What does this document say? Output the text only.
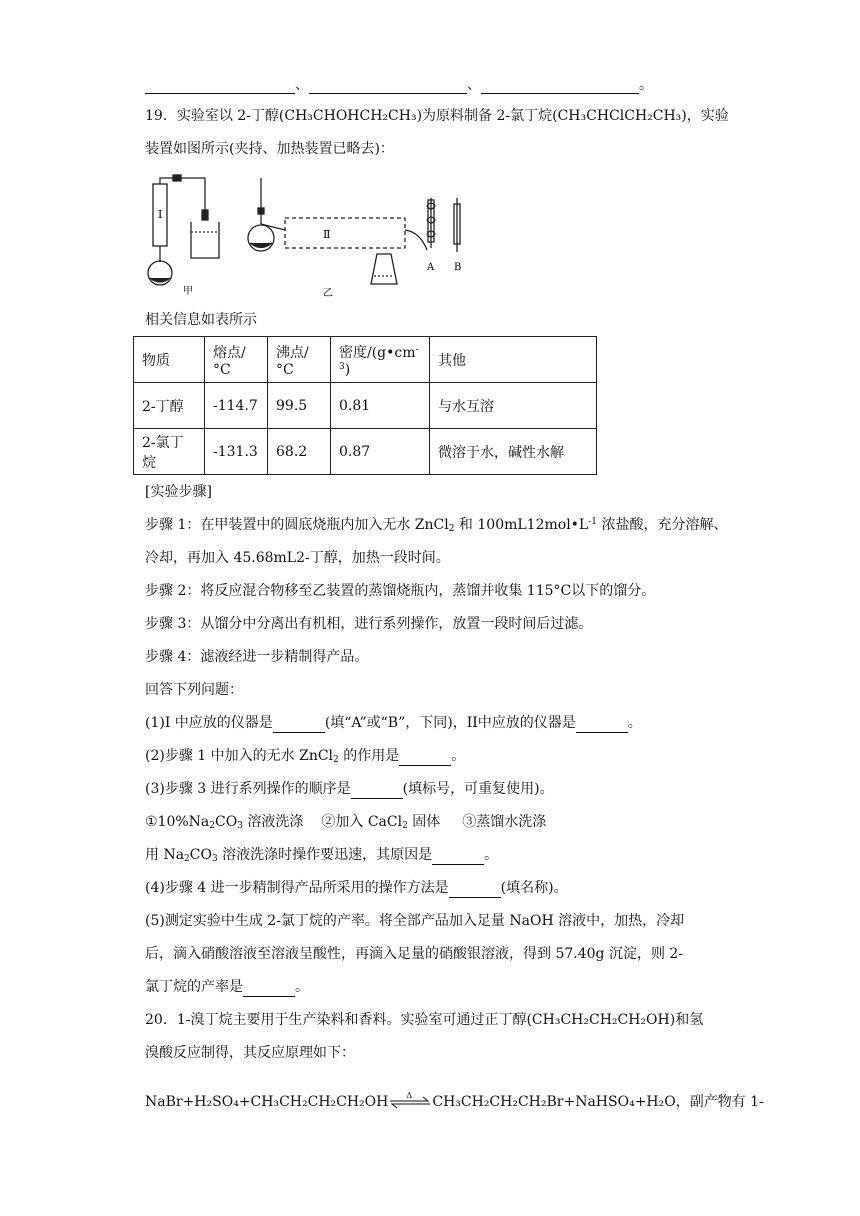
、	、	。
19．实验室以 2-丁醇(CH₃CHOHCH₂CH₃)为原料制备 2-氯丁烷(CH₃CHClCH₂CH₃)，实验
装置如图所示(夹持、加热装置已略去)：
I
Ⅱ
甲	乙
A B
相关信息如表所示
物质	熔点/°C	沸点/°C	密度$/(g•cm^{-3})$	其他
2-丁醇	-114.7	99.5	0.81	与水互溶
2-氯丁烷	-131.3	68.2	0.87	微溶于水，碱性水解
[实验步骤]
步骤 1：在甲装置中的圆底烧瓶内加入无水 ZnCl$_2$ 和 $100mL12mol•L^{-1}$ 浓盐酸，充分溶解、
冷却，再加入 45.68mL2-丁醇，加热一段时间。
步骤 2：将反应混合物移至乙装置的蒸馏烧瓶内，蒸馏并收集 115°C以下的馏分。
步骤 3：从馏分中分离出有机相，进行系列操作，放置一段时间后过滤。
步骤 4：滤液经进一步精制得产品。
回答下列问题：
(1)I 中应放的仪器是	(填“A”或“B”，下同)，II中应放的仪器是	。
(2)步骤 1 中加入的无水 ZnCl$_2$ 的作用是	。
(3)步骤 3 进行系列操作的顺序是	(填标号，可重复使用)。
$①10\%Na_2CO_3$ 溶液洗涤 ②加入 CaCl$_2$ 固体 ③蒸馏水洗涤
用 $Na_2CO_3$ 溶液洗涤时操作要迅速，其原因是	。
(4)步骤 4 进一步精制得产品所采用的操作方法是	(填名称)。
(5)测定实验中生成 2-氯丁烷的产率。将全部产品加入足量 NaOH 溶液中，加热，冷却
后，滴入硝酸溶液至溶液呈酸性，再滴入足量的硝酸银溶液，得到 57.40g 沉淀，则 2-
氯丁烷的产率是	。
20．1-溴丁烷主要用于生产染料和香料。实验室可通过正丁醇(CH₃CH₂CH₂CH₂OH)和氢
溴酸反应制得，其反应原理如下：
NaBr+H₂SO₄+CH₃CH₂CH₂CH₂OH Δ CH₃CH₂CH₂CH₂Br+NaHSO₄+H₂O，副产物有 1-
